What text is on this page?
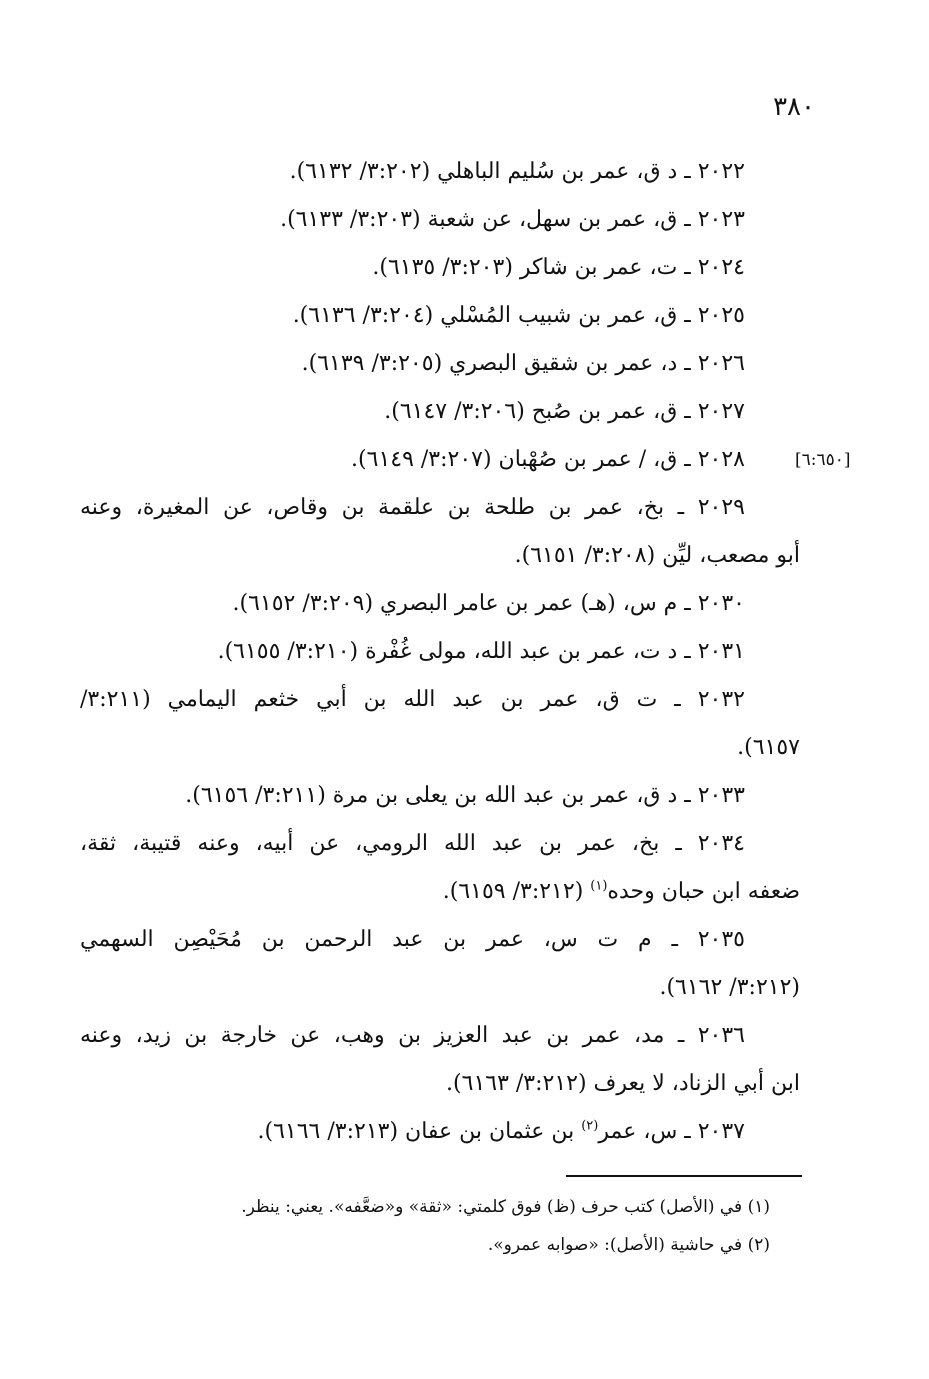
٣٨٠
[٦:٦٥٠]
٢٠٢٢ ـ د ق، عمر بن سُليم الباهلي (٣:٢٠٢/ ٦١٣٢).
٢٠٢٣ ـ ق، عمر بن سهل، عن شعبة (٣:٢٠٣/ ٦١٣٣).
٢٠٢٤ ـ ت، عمر بن شاكر (٣:٢٠٣/ ٦١٣٥).
٢٠٢٥ ـ ق، عمر بن شبيب المُسْلي (٣:٢٠٤/ ٦١٣٦).
٢٠٢٦ ـ د، عمر بن شقيق البصري (٣:٢٠٥/ ٦١٣٩).
٢٠٢٧ ـ ق، عمر بن صُبح (٣:٢٠٦/ ٦١٤٧).
٢٠٢٨ ـ ق، / عمر بن صُهْبان (٣:٢٠٧/ ٦١٤٩).
٢٠٢٩ ـ بخ، عمر بن طلحة بن علقمة بن وقاص، عن المغيرة، وعنه
أبو مصعب، ليِّن (٣:٢٠٨/ ٦١٥١).
٢٠٣٠ ـ م س، (هـ) عمر بن عامر البصري (٣:٢٠٩/ ٦١٥٢).
٢٠٣١ ـ د ت، عمر بن عبد الله، مولى غُفْرة (٣:٢١٠/ ٦١٥٥).
٢٠٣٢ ـ ت ق، عمر بن عبد الله بن أبي خثعم اليمامي (٣:٢١١/
٦١٥٧).
٢٠٣٣ ـ د ق، عمر بن عبد الله بن يعلى بن مرة (٣:٢١١/ ٦١٥٦).
٢٠٣٤ ـ بخ، عمر بن عبد الله الرومي، عن أبيه، وعنه قتيبة، ثقة،
ضعفه ابن حبان وحده$^{(١)}$ (٣:٢١٢/ ٦١٥٩).
٢٠٣٥ ـ م ت س، عمر بن عبد الرحمن بن مُحَيْصِن السهمي
(٣:٢١٢/ ٦١٦٢).
٢٠٣٦ ـ مد، عمر بن عبد العزيز بن وهب، عن خارجة بن زيد، وعنه
ابن أبي الزناد، لا يعرف (٣:٢١٢/ ٦١٦٣).
٢٠٣٧ ـ س، عمر$^{(٢)}$ بن عثمان بن عفان (٣:٢١٣/ ٦١٦٦).
(١) في (الأصل) كتب حرف (ظ) فوق كلمتي: «ثقة» و«ضعَّفه». يعني: ينظر.
(٢) في حاشية (الأصل): «صوابه عمرو».
